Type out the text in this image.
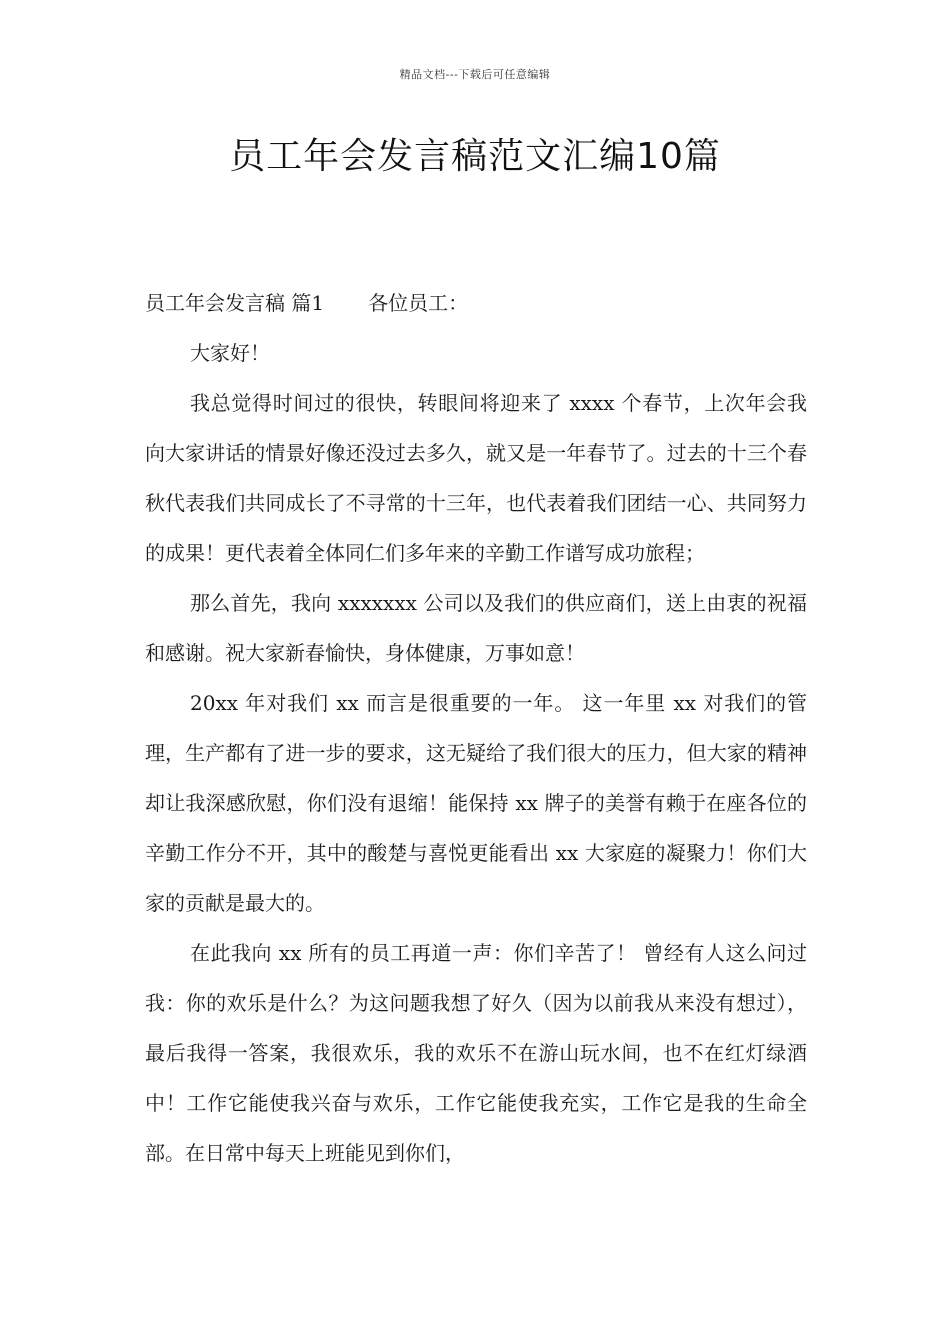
精品文档---下载后可任意编辑
员工年会发言稿范文汇编10篇

员工年会发言稿 篇1 各位员工：

大家好！

我总觉得时间过的很快，转眼间将迎来了 xxxx 个春节，上次年会我向大家讲话的情景好像还没过去多久，就又是一年春节了。过去的十三个春秋代表我们共同成长了不寻常的十三年，也代表着我们团结一心、共同努力的成果！更代表着全体同仁们多年来的辛勤工作谱写成功旅程；

那么首先，我向 xxxxxxx 公司以及我们的供应商们，送上由衷的祝福和感谢。祝大家新春愉快，身体健康，万事如意！

20xx 年对我们 xx 而言是很重要的一年。 这一年里 xx 对我们的管理，生产都有了进一步的要求，这无疑给了我们很大的压力，但大家的精神却让我深感欣慰，你们没有退缩！能保持 xx 牌子的美誉有赖于在座各位的辛勤工作分不开，其中的酸楚与喜悦更能看出 xx 大家庭的凝聚力！你们大家的贡献是最大的。

在此我向 xx 所有的员工再道一声：你们辛苦了！ 曾经有人这么问过我：你的欢乐是什么？为这问题我想了好久（因为以前我从来没有想过），最后我得一答案，我很欢乐，我的欢乐不在游山玩水间，也不在红灯绿酒中！工作它能使我兴奋与欢乐，工作它能使我充实，工作它是我的生命全部。在日常中每天上班能见到你们，
